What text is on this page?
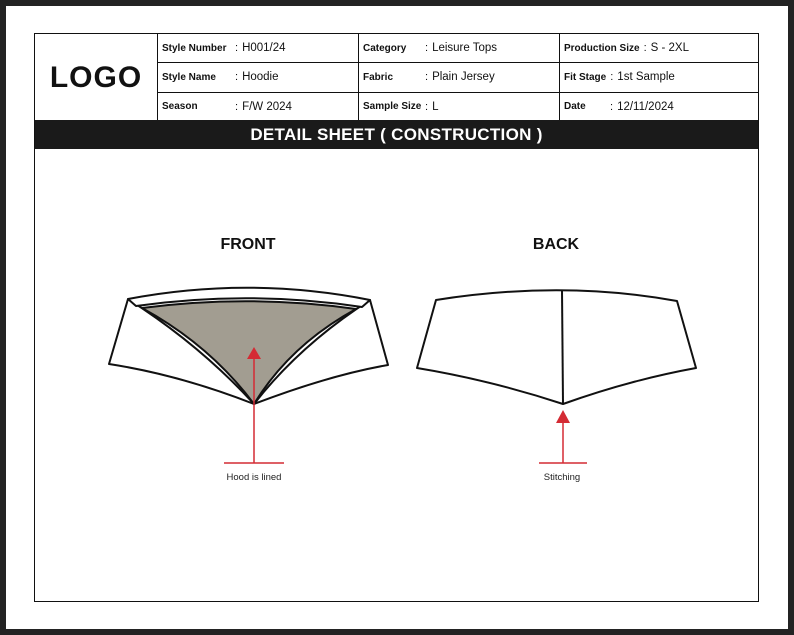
LOGO
Style Number : H001/24
Style Name	: Hoodie
Season	: F/W 2024
Category	: Leisure Tops
Fabric	: Plain Jersey
Sample Size : L
Production Size : S - 2XL
Fit Stage : 1st Sample
Date	: 12/11/2024
DETAIL SHEET ( CONSTRUCTION )
FRONT	BACK
Hood is lined	Stitching
